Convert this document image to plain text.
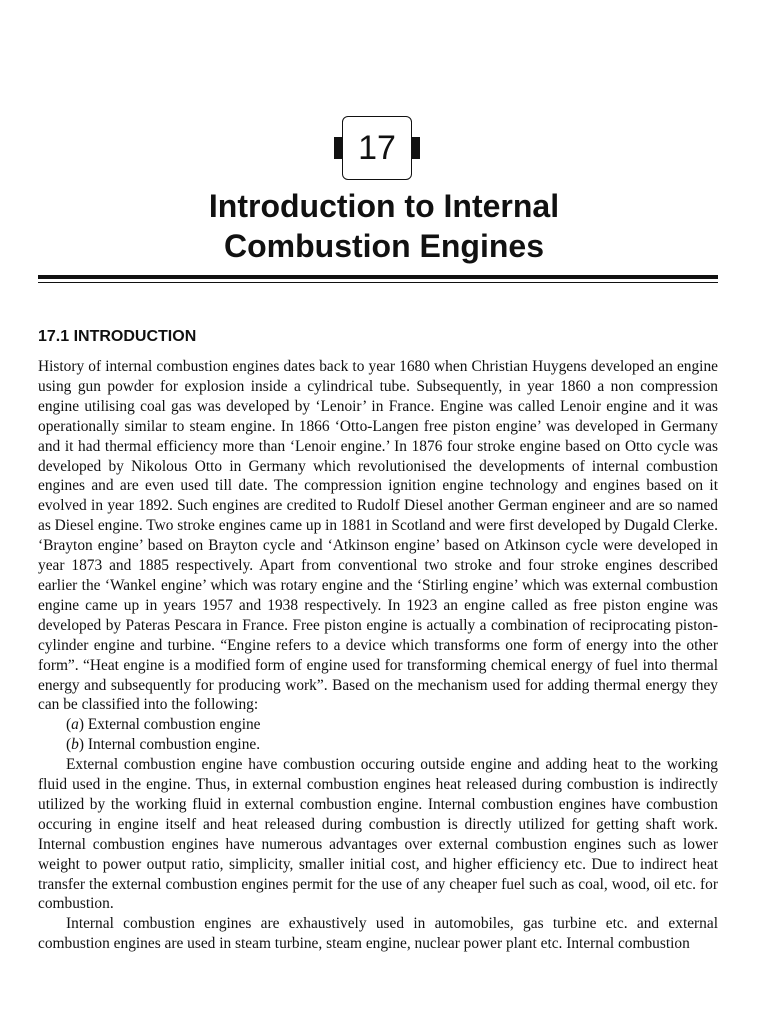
17
Introduction to Internal
Combustion Engines
17.1 INTRODUCTION

History of internal combustion engines dates back to year 1680 when Christian Huygens developed an engine using gun powder for explosion inside a cylindrical tube. Subsequently, in year 1860 a non compression engine utilising coal gas was developed by ‘Lenoir’ in France. Engine was called Lenoir engine and it was operationally similar to steam engine. In 1866 ‘Otto-Langen free piston engine’ was developed in Germany and it had thermal efficiency more than ‘Lenoir engine.’ In 1876 four stroke engine based on Otto cycle was developed by Nikolous Otto in Germany which revolutionised the developments of internal combustion engines and are even used till date. The compression ignition engine technology and engines based on it evolved in year 1892. Such engines are credited to Rudolf Diesel another German engineer and are so named as Diesel engine. Two stroke engines came up in 1881 in Scotland and were first developed by Dugald Clerke. ‘Brayton engine’ based on Brayton cycle and ‘Atkinson engine’ based on Atkinson cycle were developed in year 1873 and 1885 respectively. Apart from conventional two stroke and four stroke engines described earlier the ‘Wankel engine’ which was rotary engine and the ‘Stirling engine’ which was external combustion engine came up in years 1957 and 1938 respectively. In 1923 an engine called as free piston engine was developed by Pateras Pescara in France. Free piston engine is actually a combination of reciprocating piston-cylinder engine and turbine. “Engine refers to a device which transforms one form of energy into the other form”. “Heat engine is a modified form of engine used for transforming chemical energy of fuel into thermal energy and subsequently for producing work”. Based on the mechanism used for adding thermal energy they can be classified into the following:

(a) External combustion engine

(b) Internal combustion engine.

External combustion engine have combustion occuring outside engine and adding heat to the working fluid used in the engine. Thus, in external combustion engines heat released during combustion is indirectly utilized by the working fluid in external combustion engine. Internal combustion engines have combustion occuring in engine itself and heat released during combustion is directly utilized for getting shaft work. Internal combustion engines have numerous advantages over external combustion engines such as lower weight to power output ratio, simplicity, smaller initial cost, and higher efficiency etc. Due to indirect heat transfer the external combustion engines permit for the use of any cheaper fuel such as coal, wood, oil etc. for combustion.

Internal combustion engines are exhaustively used in automobiles, gas turbine etc. and external combustion engines are used in steam turbine, steam engine, nuclear power plant etc. Internal combustion
